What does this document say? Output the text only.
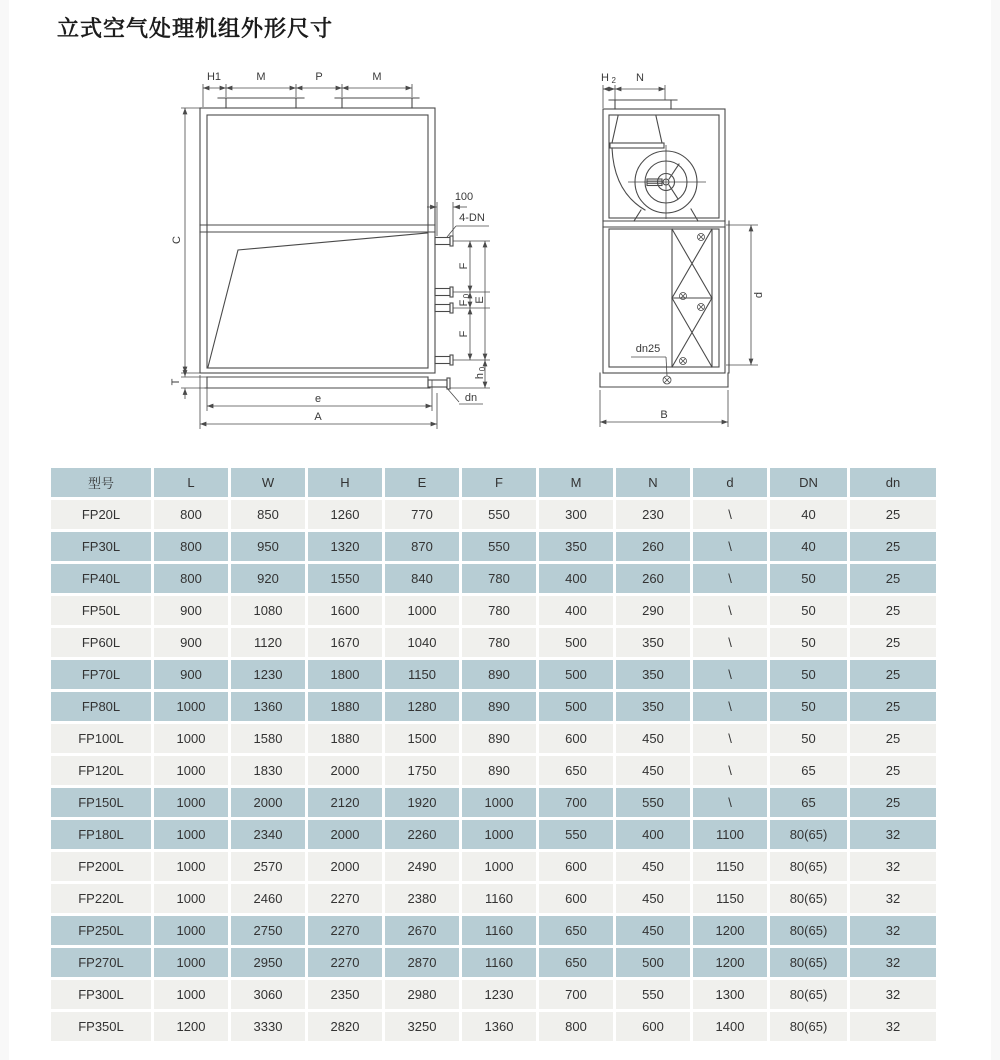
立式空气处理机组外形尺寸
H1	M	P	M
C
T
100
4-DN
F
F
0
E
F
h
0
dn
e
A
H 2 N
d
dn25
B
型号	L	W	H	E	F	M	N	d	DN	dn
FP20L	800	850	1260	770	550	300	230	\	40	25
FP30L	800	950	1320	870	550	350	260	\	40	25
FP40L	800	920	1550	840	780	400	260	\	50	25
FP50L	900	1080	1600	1000	780	400	290	\	50	25
FP60L	900	1120	1670	1040	780	500	350	\	50	25
FP70L	900	1230	1800	1150	890	500	350	\	50	25
FP80L	1000	1360	1880	1280	890	500	350	\	50	25
FP100L	1000	1580	1880	1500	890	600	450	\	50	25
FP120L	1000	1830	2000	1750	890	650	450	\	65	25
FP150L	1000	2000	2120	1920	1000	700	550	\	65	25
FP180L	1000	2340	2000	2260	1000	550	400	1100	80(65)	32
FP200L	1000	2570	2000	2490	1000	600	450	1150	80(65)	32
FP220L	1000	2460	2270	2380	1160	600	450	1150	80(65)	32
FP250L	1000	2750	2270	2670	1160	650	450	1200	80(65)	32
FP270L	1000	2950	2270	2870	1160	650	500	1200	80(65)	32
FP300L	1000	3060	2350	2980	1230	700	550	1300	80(65)	32
FP350L	1200	3330	2820	3250	1360	800	600	1400	80(65)	32
